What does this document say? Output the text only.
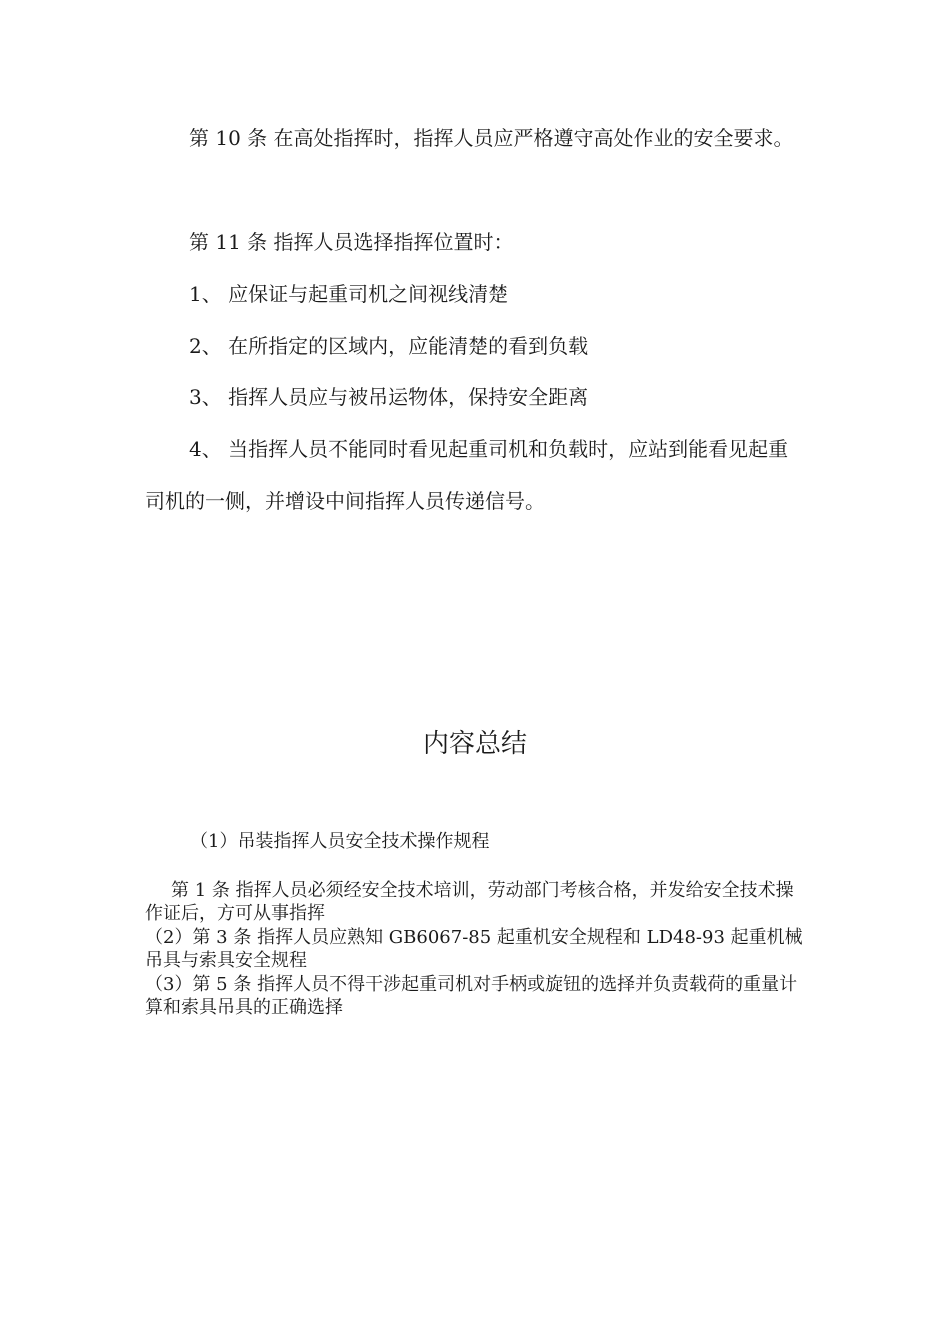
第 10 条 在高处指挥时，指挥人员应严格遵守高处作业的安全要求。

第 11 条 指挥人员选择指挥位置时：

1、 应保证与起重司机之间视线清楚

2、 在所指定的区域内，应能清楚的看到负载

3、 指挥人员应与被吊运物体，保持安全距离

4、 当指挥人员不能同时看见起重司机和负载时，应站到能看见起重司机的一侧，并增设中间指挥人员传递信号。

内容总结

（1）吊装指挥人员安全技术操作规程

第 1 条 指挥人员必须经安全技术培训，劳动部门考核合格，并发给安全技术操作证后，方可从事指挥

（2）第 3 条 指挥人员应熟知 GB6067-85 起重机安全规程和 LD48-93 起重机械吊具与索具安全规程

（3）第 5 条 指挥人员不得干涉起重司机对手柄或旋钮的选择并负责载荷的重量计算和索具吊具的正确选择
